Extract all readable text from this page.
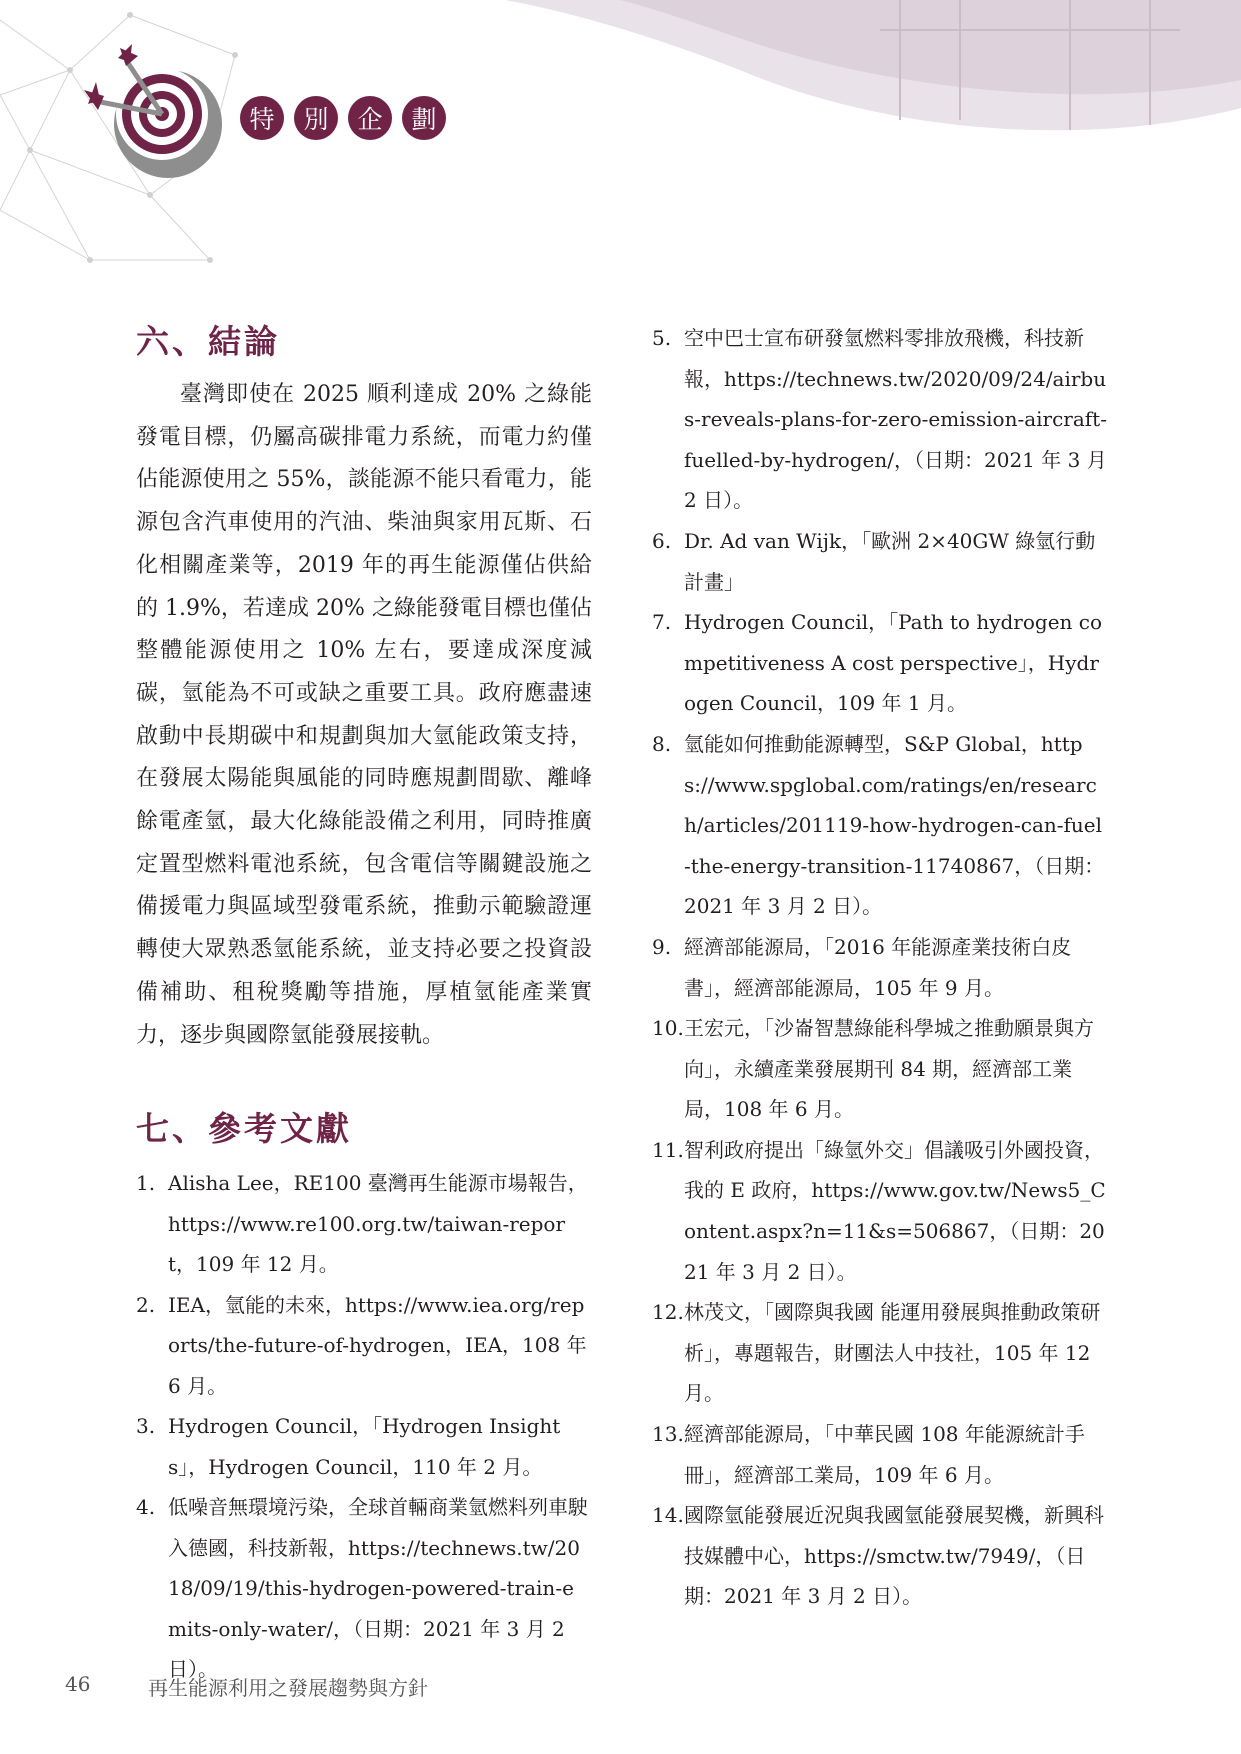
特	別	企	劃
六、結論

臺灣即使在 2025 順利達成 20% 之綠能發電目標，仍屬高碳排電力系統，而電力約僅佔能源使用之 55%，談能源不能只看電力，能源包含汽車使用的汽油、柴油與家用瓦斯、石化相關產業等，2019 年的再生能源僅佔供給的 1.9%，若達成 20% 之綠能發電目標也僅佔整體能源使用之 10% 左右，要達成深度減碳，氫能為不可或缺之重要工具。政府應盡速啟動中長期碳中和規劃與加大氫能政策支持，在發展太陽能與風能的同時應規劃間歇、離峰餘電產氫，最大化綠能設備之利用，同時推廣定置型燃料電池系統，包含電信等關鍵設施之備援電力與區域型發電系統，推動示範驗證運轉使大眾熟悉氫能系統，並支持必要之投資設備補助、租稅獎勵等措施，厚植氫能產業實力，逐步與國際氫能發展接軌。

七、參考文獻
1. Alisha Lee，RE100 臺灣再生能源市場報告，https://www.re100.org.tw/taiwan-report，109 年 12 月。
2. IEA，氫能的未來，https://www.iea.org/reports/the-future-of-hydrogen，IEA，108 年 6 月。
3. Hydrogen Council，「Hydrogen Insights」，Hydrogen Council，110 年 2 月。
4. 低噪音無環境污染，全球首輛商業氫燃料列車駛入德國，科技新報，https://technews.tw/2018/09/19/this-hydrogen-powered-train-emits-only-water/，（日期：2021 年 3 月 2 日）。
5. 空中巴士宣布研發氫燃料零排放飛機，科技新報，https://technews.tw/2020/09/24/airbus-reveals-plans-for-zero-emission-aircraft-fuelled-by-hydrogen/，（日期：2021 年 3 月 2 日）。
6. Dr. Ad van Wijk，「歐洲 2×40GW 綠氫行動計畫」
7. Hydrogen Council，「Path to hydrogen competitiveness A cost perspective」，Hydrogen Council，109 年 1 月。
8. 氫能如何推動能源轉型，S&P Global，https://www.spglobal.com/ratings/en/research/articles/201119-how-hydrogen-can-fuel-the-energy-transition-11740867，（日期：2021 年 3 月 2 日）。
9. 經濟部能源局，「2016 年能源產業技術白皮書」，經濟部能源局，105 年 9 月。
10. 王宏元，「沙崙智慧綠能科學城之推動願景與方向」，永續產業發展期刊 84 期，經濟部工業局，108 年 6 月。
11. 智利政府提出「綠氫外交」倡議吸引外國投資，我的 E 政府，https://www.gov.tw/News5_Content.aspx?n=11&s=506867，（日期：2021 年 3 月 2 日）。
12. 林茂文，「國際與我國 能運用發展與推動政策研析」，專題報告，財團法人中技社，105 年 12 月。
13. 經濟部能源局，「中華民國 108 年能源統計手冊」，經濟部工業局，109 年 6 月。
14. 國際氫能發展近況與我國氫能發展契機，新興科技媒體中心，https://smctw.tw/7949/，（日期：2021 年 3 月 2 日）。
46	再生能源利用之發展趨勢與方針
